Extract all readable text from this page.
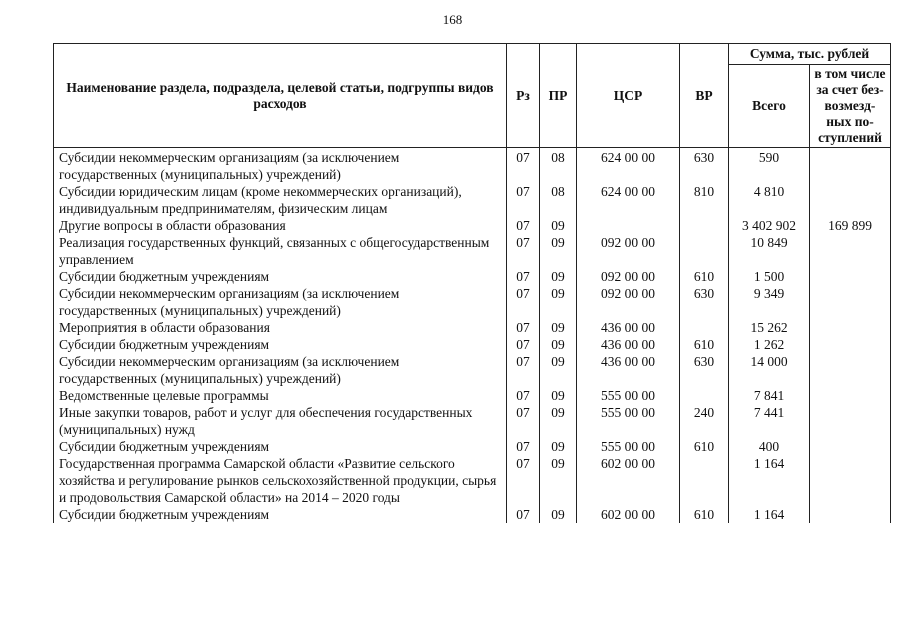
168
Наименование раздела, подраздела, целевой статьи, подгруппы видов расходов	Рз	ПР	ЦСР	ВР	Сумма, тыс. рублей	
					Всего	в том числе за счет без-возмезд-ных по-ступлений
Субсидии некоммерческим организациям (за исключением государственных (муниципальных) учреждений)	07	08	624 00 00	630	590	
Субсидии юридическим лицам (кроме некоммерческих организаций), индивидуальным предпринимателям, физическим лицам	07	08	624 00 00	810	4 810	
Другие вопросы в области образования	07	09			3 402 902	169 899
Реализация государственных функций, связанных с общегосударственным управлением	07	09	092 00 00		10 849	
Субсидии бюджетным учреждениям	07	09	092 00 00	610	1 500	
Субсидии некоммерческим организациям (за исключением государственных (муниципальных) учреждений)	07	09	092 00 00	630	9 349	
Мероприятия в области образования	07	09	436 00 00		15 262	
Субсидии бюджетным учреждениям	07	09	436 00 00	610	1 262	
Субсидии некоммерческим организациям (за исключением государственных (муниципальных) учреждений)	07	09	436 00 00	630	14 000	
Ведомственные целевые программы	07	09	555 00 00		7 841	
Иные закупки товаров, работ и услуг для обеспечения государственных (муниципальных) нужд	07	09	555 00 00	240	7 441	
Субсидии бюджетным учреждениям	07	09	555 00 00	610	400	
Государственная программа Самарской области «Развитие сельского хозяйства и регулирование рынков сельскохозяйственной продукции, сырья и продовольствия Самарской области» на 2014 – 2020 годы	07	09	602 00 00		1 164	
Субсидии бюджетным учреждениям	07	09	602 00 00	610	1 164	
